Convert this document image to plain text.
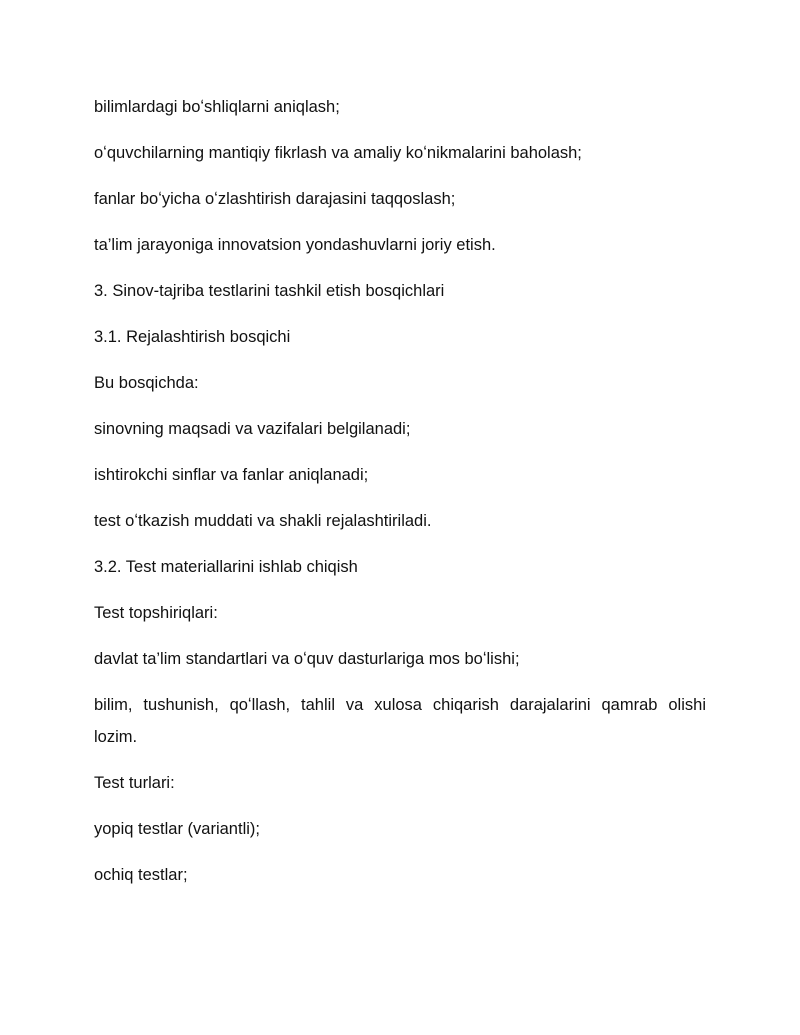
bilimlardagi boʻshliqlarni aniqlash;

oʻquvchilarning mantiqiy fikrlash va amaliy koʻnikmalarini baholash;

fanlar boʻyicha oʻzlashtirish darajasini taqqoslash;

ta’lim jarayoniga innovatsion yondashuvlarni joriy etish.

3. Sinov-tajriba testlarini tashkil etish bosqichlari

3.1. Rejalashtirish bosqichi

Bu bosqichda:

sinovning maqsadi va vazifalari belgilanadi;

ishtirokchi sinflar va fanlar aniqlanadi;

test oʻtkazish muddati va shakli rejalashtiriladi.

3.2. Test materiallarini ishlab chiqish

Test topshiriqlari:

davlat ta’lim standartlari va oʻquv dasturlariga mos boʻlishi;

bilim, tushunish, qoʻllash, tahlil va xulosa chiqarish darajalarini qamrab olishi lozim.

Test turlari:

yopiq testlar (variantli);

ochiq testlar;
